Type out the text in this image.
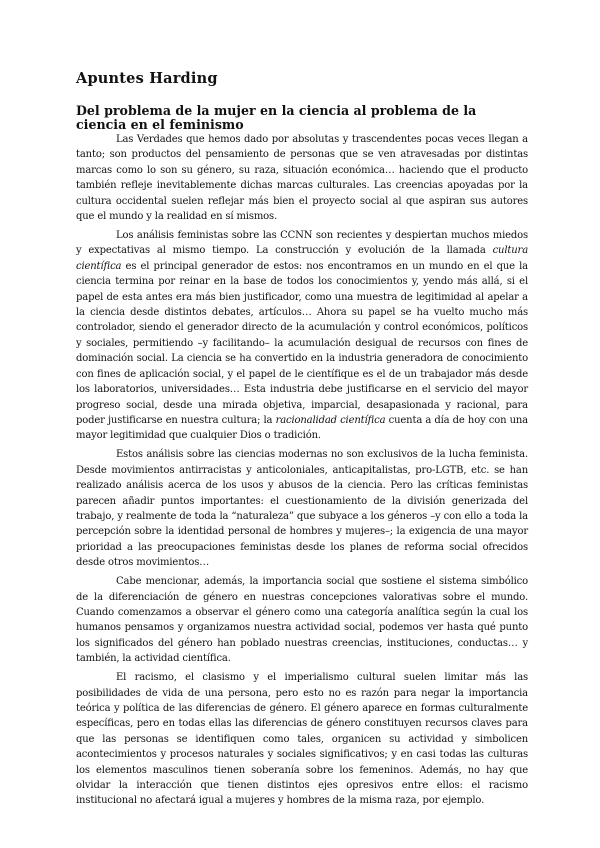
Apuntes Harding
Del problema de la mujer en la ciencia al problema de la ciencia en el feminismo

Las Verdades que hemos dado por absolutas y trascendentes pocas veces llegan a tanto; son productos del pensamiento de personas que se ven atravesadas por distintas marcas como lo son su género, su raza, situación económica… haciendo que el producto también refleje inevitablemente dichas marcas culturales. Las creencias apoyadas por la cultura occidental suelen reflejar más bien el proyecto social al que aspiran sus autores que el mundo y la realidad en sí mismos.

Los análisis feministas sobre las CCNN son recientes y despiertan muchos miedos y expectativas al mismo tiempo. La construcción y evolución de la llamada cultura científica es el principal generador de estos: nos encontramos en un mundo en el que la ciencia termina por reinar en la base de todos los conocimientos y, yendo más allá, si el papel de esta antes era más bien justificador, como una muestra de legitimidad al apelar a la ciencia desde distintos debates, artículos… Ahora su papel se ha vuelto mucho más controlador, siendo el generador directo de la acumulación y control económicos, políticos y sociales, permitiendo –y facilitando– la acumulación desigual de recursos con fines de dominación social. La ciencia se ha convertido en la industria generadora de conocimiento con fines de aplicación social, y el papel de le científique es el de un trabajador más desde los laboratorios, universidades… Esta industria debe justificarse en el servicio del mayor progreso social, desde una mirada objetiva, imparcial, desapasionada y racional, para poder justificarse en nuestra cultura; la racionalidad científica cuenta a día de hoy con una mayor legitimidad que cualquier Dios o tradición.

Estos análisis sobre las ciencias modernas no son exclusivos de la lucha feminista. Desde movimientos antirracistas y anticoloniales, anticapitalistas, pro-LGTB, etc. se han realizado análisis acerca de los usos y abusos de la ciencia. Pero las críticas feministas parecen añadir puntos importantes: el cuestionamiento de la división generizada del trabajo, y realmente de toda la “naturaleza” que subyace a los géneros –y con ello a toda la percepción sobre la identidad personal de hombres y mujeres–; la exigencia de una mayor prioridad a las preocupaciones feministas desde los planes de reforma social ofrecidos desde otros movimientos…

Cabe mencionar, además, la importancia social que sostiene el sistema simbólico de la diferenciación de género en nuestras concepciones valorativas sobre el mundo. Cuando comenzamos a observar el género como una categoría analítica según la cual los humanos pensamos y organizamos nuestra actividad social, podemos ver hasta qué punto los significados del género han poblado nuestras creencias, instituciones, conductas… y también, la actividad científica.

El racismo, el clasismo y el imperialismo cultural suelen limitar más las posibilidades de vida de una persona, pero esto no es razón para negar la importancia teórica y política de las diferencias de género. El género aparece en formas culturalmente específicas, pero en todas ellas las diferencias de género constituyen recursos claves para que las personas se identifiquen como tales, organicen su actividad y simbolicen acontecimientos y procesos naturales y sociales significativos; y en casi todas las culturas los elementos masculinos tienen soberanía sobre los femeninos. Además, no hay que olvidar la interacción que tienen distintos ejes opresivos entre ellos: el racismo institucional no afectará igual a mujeres y hombres de la misma raza, por ejemplo.
